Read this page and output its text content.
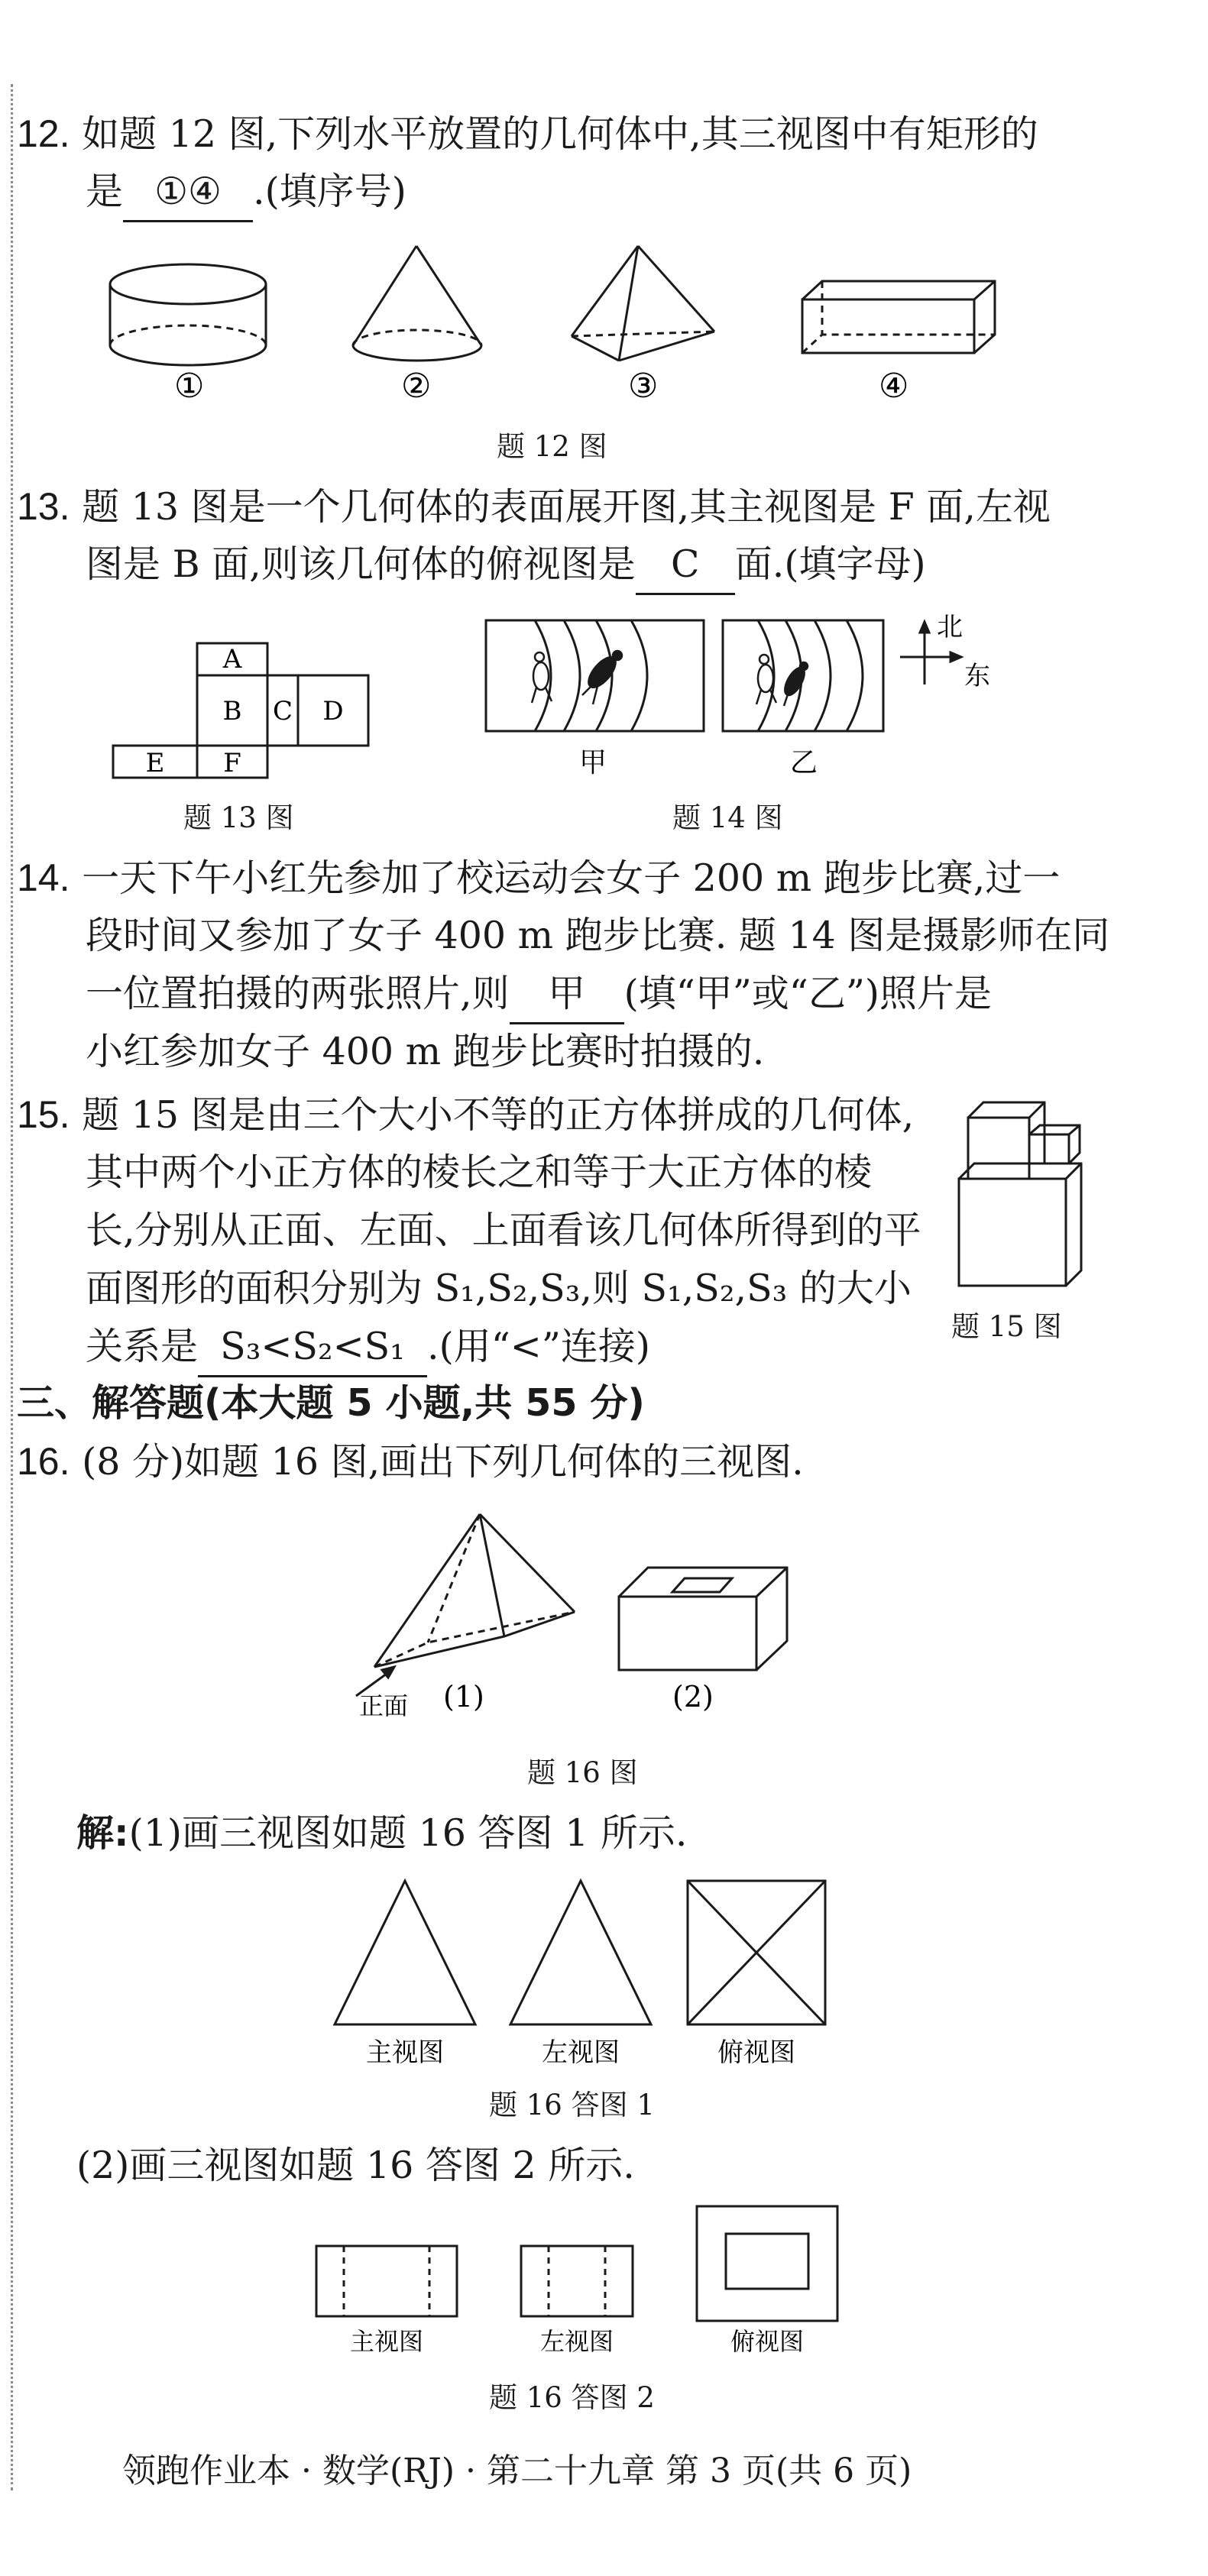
12. 如题 12 图,下列水平放置的几何体中,其三视图中有矩形的
是 ①④ .(填序号)
①	②	③	④
题 12 图
13. 题 13 图是一个几何体的表面展开图,其主视图是 F 面,左视
图是 B 面,则该几何体的俯视图是 C 面.(填字母)
A
B C D
E F
题 13 图
北
东
甲	乙
题 14 图
14. 一天下午小红先参加了校运动会女子 200 m 跑步比赛,过一
段时间又参加了女子 400 m 跑步比赛. 题 14 图是摄影师在同
一位置拍摄的两张照片,则 甲 (填“甲”或“乙”)照片是
小红参加女子 400 m 跑步比赛时拍摄的.
15. 题 15 图是由三个大小不等的正方体拼成的几何体,
其中两个小正方体的棱长之和等于大正方体的棱
长,分别从正面、左面、上面看该几何体所得到的平
面图形的面积分别为 S₁,S₂,S₃,则 S₁,S₂,S₃ 的大小
关系是 S₃<S₂<S₁ .(用“<”连接)	题 15 图
三、解答题(本大题 5 小题,共 55 分)
16. (8 分)如题 16 图,画出下列几何体的三视图.
正面 (1)	(2)
题 16 图
解:(1)画三视图如题 16 答图 1 所示.
主视图	左视图	俯视图
题 16 答图 1
(2)画三视图如题 16 答图 2 所示.
主视图	左视图	俯视图
题 16 答图 2
领跑作业本 · 数学(RJ) · 第二十九章 第 3 页(共 6 页)
